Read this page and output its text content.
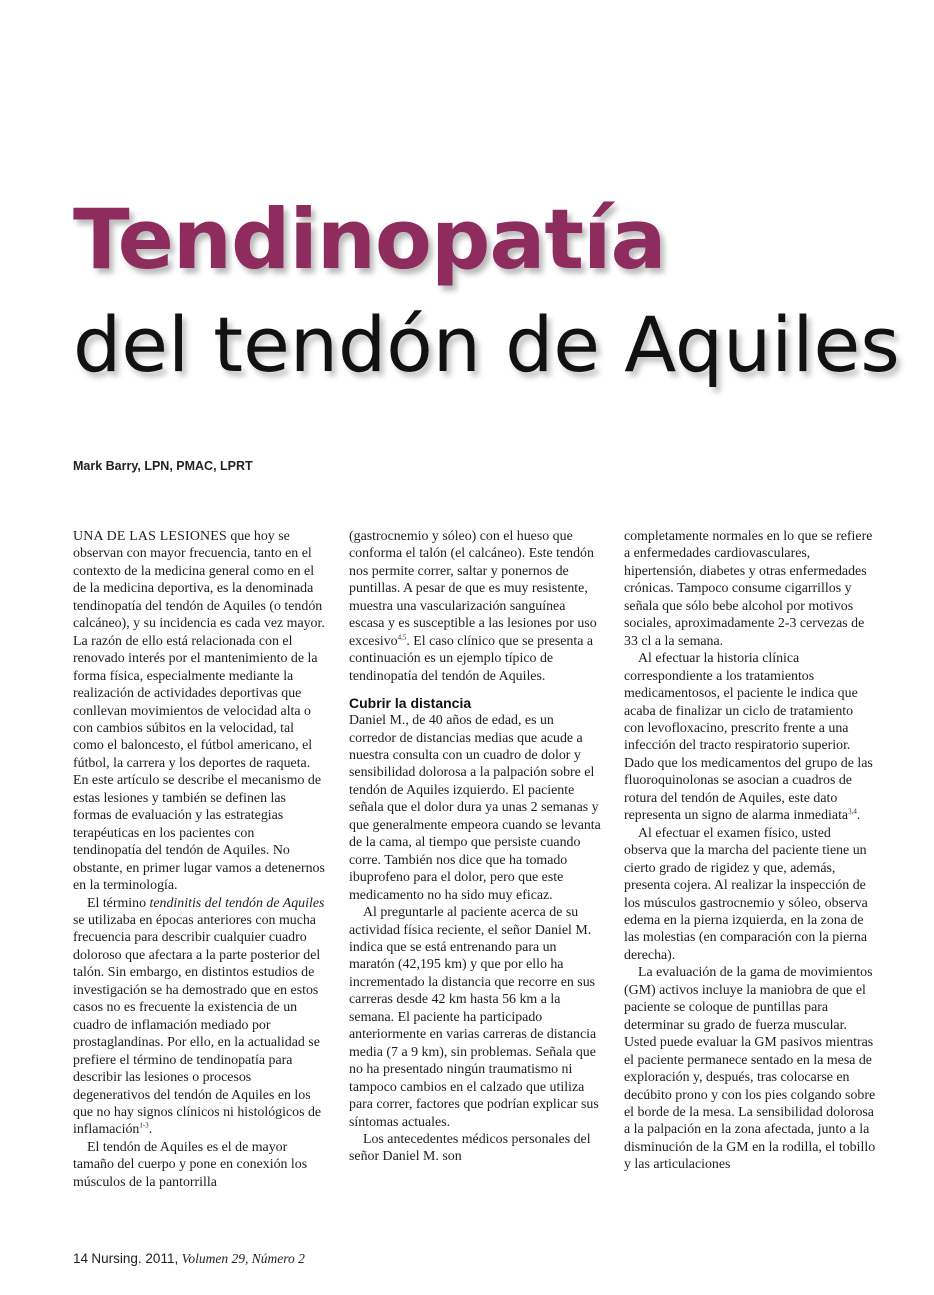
Tendinopatía
del tendón de Aquiles
Mark Barry, LPN, PMAC, LPRT

UNA DE LAS LESIONES que hoy se observan con mayor frecuencia, tanto en el contexto de la medicina general como en el de la medicina deportiva, es la denominada tendinopatía del tendón de Aquiles (o tendón calcáneo), y su incidencia es cada vez mayor. La razón de ello está relacionada con el renovado interés por el mantenimiento de la forma física, especialmente mediante la realización de actividades deportivas que conllevan movimientos de velocidad alta o con cambios súbitos en la velocidad, tal como el baloncesto, el fútbol americano, el fútbol, la carrera y los deportes de raqueta. En este artículo se describe el mecanismo de estas lesiones y también se definen las formas de evaluación y las estrategias terapéuticas en los pacientes con tendinopatía del tendón de Aquiles. No obstante, en primer lugar vamos a detenernos en la terminología.

El término tendinitis del tendón de Aquiles se utilizaba en épocas anteriores con mucha frecuencia para describir cualquier cuadro doloroso que afectara a la parte posterior del talón. Sin embargo, en distintos estudios de investigación se ha demostrado que en estos casos no es frecuente la existencia de un cuadro de inflamación mediado por prostaglandinas. Por ello, en la actualidad se prefiere el término de tendinopatía para describir las lesiones o procesos degenerativos del tendón de Aquiles en los que no hay signos clínicos ni histológicos de inflamación$^{1-3}$.

El tendón de Aquiles es el de mayor tamaño del cuerpo y pone en conexión los músculos de la pantorrilla

(gastrocnemio y sóleo) con el hueso que conforma el talón (el calcáneo). Este tendón nos permite correr, saltar y ponernos de puntillas. A pesar de que es muy resistente, muestra una vascularización sanguínea escasa y es susceptible a las lesiones por uso excesivo$^{4,5}$. El caso clínico que se presenta a continuación es un ejemplo típico de tendinopatía del tendón de Aquiles.

Cubrir la distancia

Daniel M., de 40 años de edad, es un corredor de distancias medias que acude a nuestra consulta con un cuadro de dolor y sensibilidad dolorosa a la palpación sobre el tendón de Aquiles izquierdo. El paciente señala que el dolor dura ya unas 2 semanas y que generalmente empeora cuando se levanta de la cama, al tiempo que persiste cuando corre. También nos dice que ha tomado ibuprofeno para el dolor, pero que este medicamento no ha sido muy eficaz.

Al preguntarle al paciente acerca de su actividad física reciente, el señor Daniel M. indica que se está entrenando para un maratón (42,195 km) y que por ello ha incrementado la distancia que recorre en sus carreras desde 42 km hasta 56 km a la semana. El paciente ha participado anteriormente en varias carreras de distancia media (7 a 9 km), sin problemas. Señala que no ha presentado ningún traumatismo ni tampoco cambios en el calzado que utiliza para correr, factores que podrían explicar sus síntomas actuales.

Los antecedentes médicos personales del señor Daniel M. son

completamente normales en lo que se refiere a enfermedades cardiovasculares, hipertensión, diabetes y otras enfermedades crónicas. Tampoco consume cigarrillos y señala que sólo bebe alcohol por motivos sociales, aproximadamente 2-3 cervezas de 33 cl a la semana.

Al efectuar la historia clínica correspondiente a los tratamientos medicamentosos, el paciente le indica que acaba de finalizar un ciclo de tratamiento con levofloxacino, prescrito frente a una infección del tracto respiratorio superior. Dado que los medicamentos del grupo de las fluoroquinolonas se asocian a cuadros de rotura del tendón de Aquiles, este dato representa un signo de alarma inmediata$^{3,4}$.

Al efectuar el examen físico, usted observa que la marcha del paciente tiene un cierto grado de rigidez y que, además, presenta cojera. Al realizar la inspección de los músculos gastrocnemio y sóleo, observa edema en la pierna izquierda, en la zona de las molestias (en comparación con la pierna derecha).

La evaluación de la gama de movimientos (GM) activos incluye la maniobra de que el paciente se coloque de puntillas para determinar su grado de fuerza muscular. Usted puede evaluar la GM pasivos mientras el paciente permanece sentado en la mesa de exploración y, después, tras colocarse en decúbito prono y con los pies colgando sobre el borde de la mesa. La sensibilidad dolorosa a la palpación en la zona afectada, junto a la disminución de la GM en la rodilla, el tobillo y las articulaciones

14 Nursing. 2011, Volumen 29, Número 2
